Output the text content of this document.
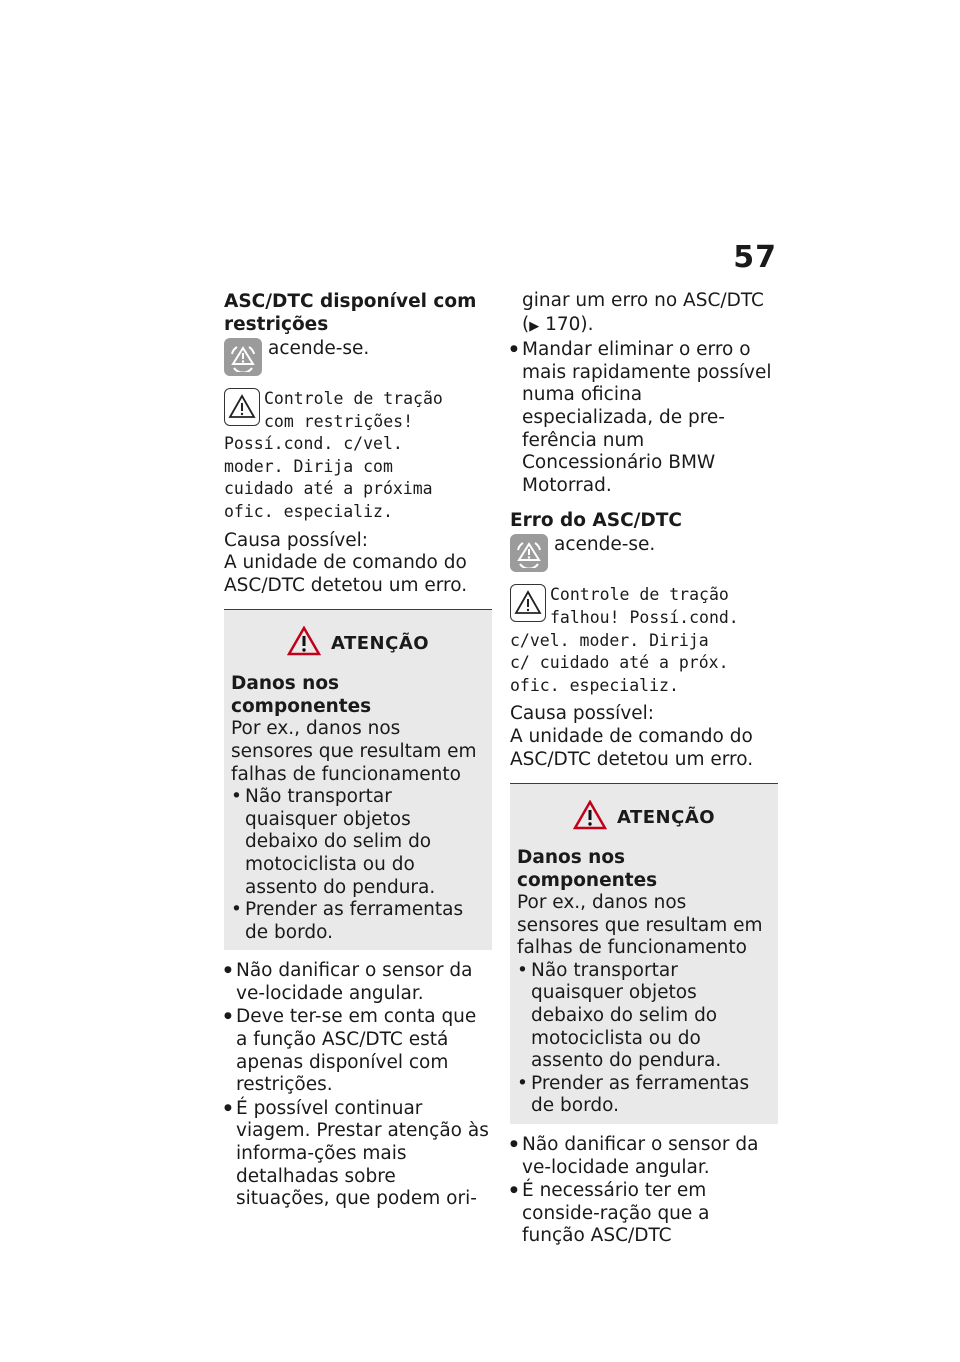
57

ASC/DTC disponível com restrições

acende-se.

Controle de tração

com restrições!

Possí.cond. c/vel.

moder. Dirija com

cuidado até a próxima

ofic. especializ.

Causa possível:

A unidade de comando do ASC/DTC detetou um erro.

ATENÇÃO

Danos nos componentes

Por ex., danos nos sensores que resultam em falhas de funcionamento

• Não transportar quaisquer objetos debaixo do selim do motociclista ou do assento do pendura.
• Prender as ferramentas de bordo.
● Não danificar o sensor da ve-locidade angular.
● Deve ter-se em conta que a função ASC/DTC está apenas disponível com restrições.
● É possível continuar viagem. Prestar atenção às informa-ções mais detalhadas sobre situações, que podem ori-
ginar um erro no ASC/DTC
(▶ 170).
● Mandar eliminar o erro o mais rapidamente possível numa oficina especializada, de pre-ferência num Concessionário BMW Motorrad.

Erro do ASC/DTC

acende-se.

Controle de tração

falhou! Possí.cond.

c/vel. moder. Dirija

c/ cuidado até a próx.

ofic. especializ.

Causa possível:

A unidade de comando do ASC/DTC detetou um erro.

ATENÇÃO

Danos nos componentes

Por ex., danos nos sensores que resultam em falhas de funcionamento

• Não transportar quaisquer objetos debaixo do selim do motociclista ou do assento do pendura.
• Prender as ferramentas de bordo.
● Não danificar o sensor da ve-locidade angular.
● É necessário ter em conside-ração que a função ASC/DTC
